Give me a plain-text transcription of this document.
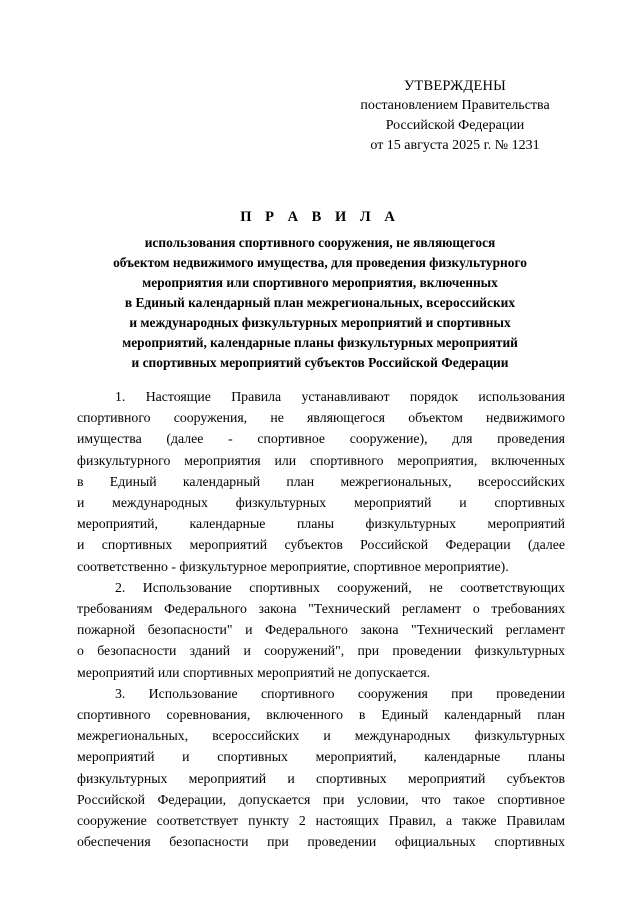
УТВЕРЖДЕНЫ
постановлением Правительства
Российской Федерации
от 15 августа 2025 г. № 1231
П Р А В И Л А
использования спортивного сооружения, не являющегося
объектом недвижимого имущества, для проведения физкультурного
мероприятия или спортивного мероприятия, включенных
в Единый календарный план межрегиональных, всероссийских
и международных физкультурных мероприятий и спортивных
мероприятий, календарные планы физкультурных мероприятий
и спортивных мероприятий субъектов Российской Федерации
1. Настоящие Правила устанавливают порядок использования
спортивного сооружения, не являющегося объектом недвижимого
имущества (далее - спортивное сооружение), для проведения
физкультурного мероприятия или спортивного мероприятия, включенных
в Единый календарный план межрегиональных, всероссийских
и международных физкультурных мероприятий и спортивных
мероприятий, календарные планы физкультурных мероприятий
и спортивных мероприятий субъектов Российской Федерации (далее
соответственно - физкультурное мероприятие, спортивное мероприятие).
2. Использование спортивных сооружений, не соответствующих
требованиям Федерального закона "Технический регламент о требованиях
пожарной безопасности" и Федерального закона "Технический регламент
о безопасности зданий и сооружений", при проведении физкультурных
мероприятий или спортивных мероприятий не допускается.
3. Использование спортивного сооружения при проведении
спортивного соревнования, включенного в Единый календарный план
межрегиональных, всероссийских и международных физкультурных
мероприятий и спортивных мероприятий, календарные планы
физкультурных мероприятий и спортивных мероприятий субъектов
Российской Федерации, допускается при условии, что такое спортивное
сооружение соответствует пункту 2 настоящих Правил, а также Правилам
обеспечения безопасности при проведении официальных спортивных
